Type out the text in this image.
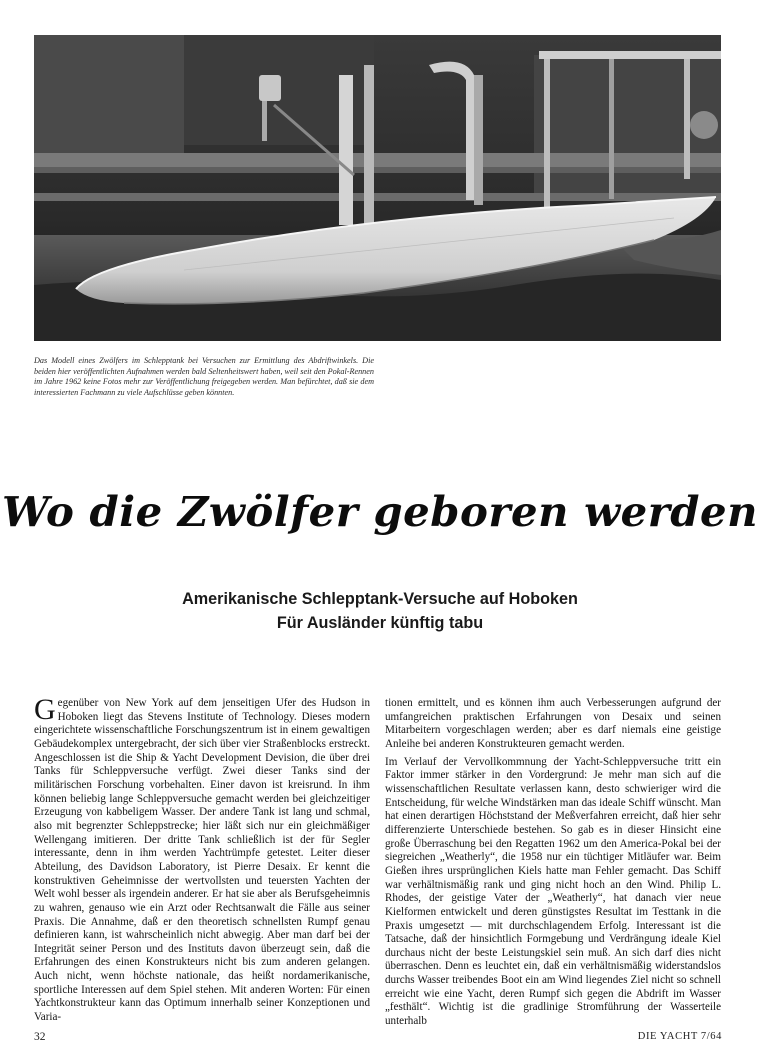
Das Modell eines Zwölfers im Schlepptank bei Versuchen zur Ermittlung des Abdriftwinkels. Die beiden hier veröffentlichten Aufnahmen werden bald Seltenheitswert haben, weil seit den Pokal-Rennen im Jahre 1962 keine Fotos mehr zur Veröffentlichung freigegeben werden. Man befürchtet, daß sie dem interessierten Fachmann zu viele Aufschlüsse geben könnten.
Wo die Zwölfer geboren werden
Amerikanische Schlepptank-Versuche auf Hoboken
Für Ausländer künftig tabu

Gegenüber von New York auf dem jenseitigen Ufer des Hudson in Hoboken liegt das Stevens Institute of Technology. Dieses modern eingerichtete wissenschaftliche Forschungszentrum ist in einem gewaltigen Gebäudekomplex untergebracht, der sich über vier Straßenblocks erstreckt. Angeschlossen ist die Ship & Yacht Development Devision, die über drei Tanks für Schleppversuche verfügt. Zwei dieser Tanks sind der militärischen Forschung vorbehalten. Einer davon ist kreisrund. In ihm können beliebig lange Schleppversuche gemacht werden bei gleichzeitiger Erzeugung von kabbeligem Wasser. Der andere Tank ist lang und schmal, also mit begrenzter Schleppstrecke; hier läßt sich nur ein gleichmäßiger Wellengang imitieren. Der dritte Tank schließlich ist der für Segler interessante, denn in ihm werden Yachtrümpfe getestet. Leiter dieser Abteilung, des Davidson Laboratory, ist Pierre Desaix. Er kennt die konstruktiven Geheimnisse der wertvollsten und teuersten Yachten der Welt wohl besser als irgendein anderer. Er hat sie aber als Berufsgeheimnis zu wahren, genauso wie ein Arzt oder Rechtsanwalt die Fälle aus seiner Praxis. Die Annahme, daß er den theoretisch schnellsten Rumpf genau definieren kann, ist wahrscheinlich nicht abwegig. Aber man darf bei der Integrität seiner Person und des Instituts davon überzeugt sein, daß die Erfahrungen des einen Konstrukteurs nicht bis zum anderen gelangen. Auch nicht, wenn höchste nationale, das heißt nordamerikanische, sportliche Interessen auf dem Spiel stehen. Mit anderen Worten: Für einen Yachtkonstrukteur kann das Optimum innerhalb seiner Konzeptionen und Varia-

tionen ermittelt, und es können ihm auch Verbesserungen aufgrund der umfangreichen praktischen Erfahrungen von Desaix und seinen Mitarbeitern vorgeschlagen werden; aber es darf niemals eine geistige Anleihe bei anderen Konstrukteuren gemacht werden.

Im Verlauf der Vervollkommnung der Yacht-Schleppversuche tritt ein Faktor immer stärker in den Vordergrund: Je mehr man sich auf die wissenschaftlichen Resultate verlassen kann, desto schwieriger wird die Entscheidung, für welche Windstärken man das ideale Schiff wünscht. Man hat einen derartigen Höchststand der Meßverfahren erreicht, daß hier sehr differenzierte Unterschiede bestehen. So gab es in dieser Hinsicht eine große Überraschung bei den Regatten 1962 um den America-Pokal bei der siegreichen „Weatherly“, die 1958 nur ein tüchtiger Mitläufer war. Beim Gießen ihres ursprünglichen Kiels hatte man Fehler gemacht. Das Schiff war verhältnismäßig rank und ging nicht hoch an den Wind. Philip L. Rhodes, der geistige Vater der „Weatherly“, hat danach vier neue Kielformen entwickelt und deren günstigstes Resultat im Testtank in die Praxis umgesetzt — mit durchschlagendem Erfolg. Interessant ist die Tatsache, daß der hinsichtlich Formgebung und Verdrängung ideale Kiel durchaus nicht der beste Leistungskiel sein muß. An sich darf dies nicht überraschen. Denn es leuchtet ein, daß ein verhältnismäßig widerstandslos durchs Wasser treibendes Boot ein am Wind liegendes Ziel nicht so schnell erreicht wie eine Yacht, deren Rumpf sich gegen die Abdrift im Wasser „festhält“. Wichtig ist die gradlinige Stromführung der Wasserteile unterhalb

32	DIE YACHT 7/64
